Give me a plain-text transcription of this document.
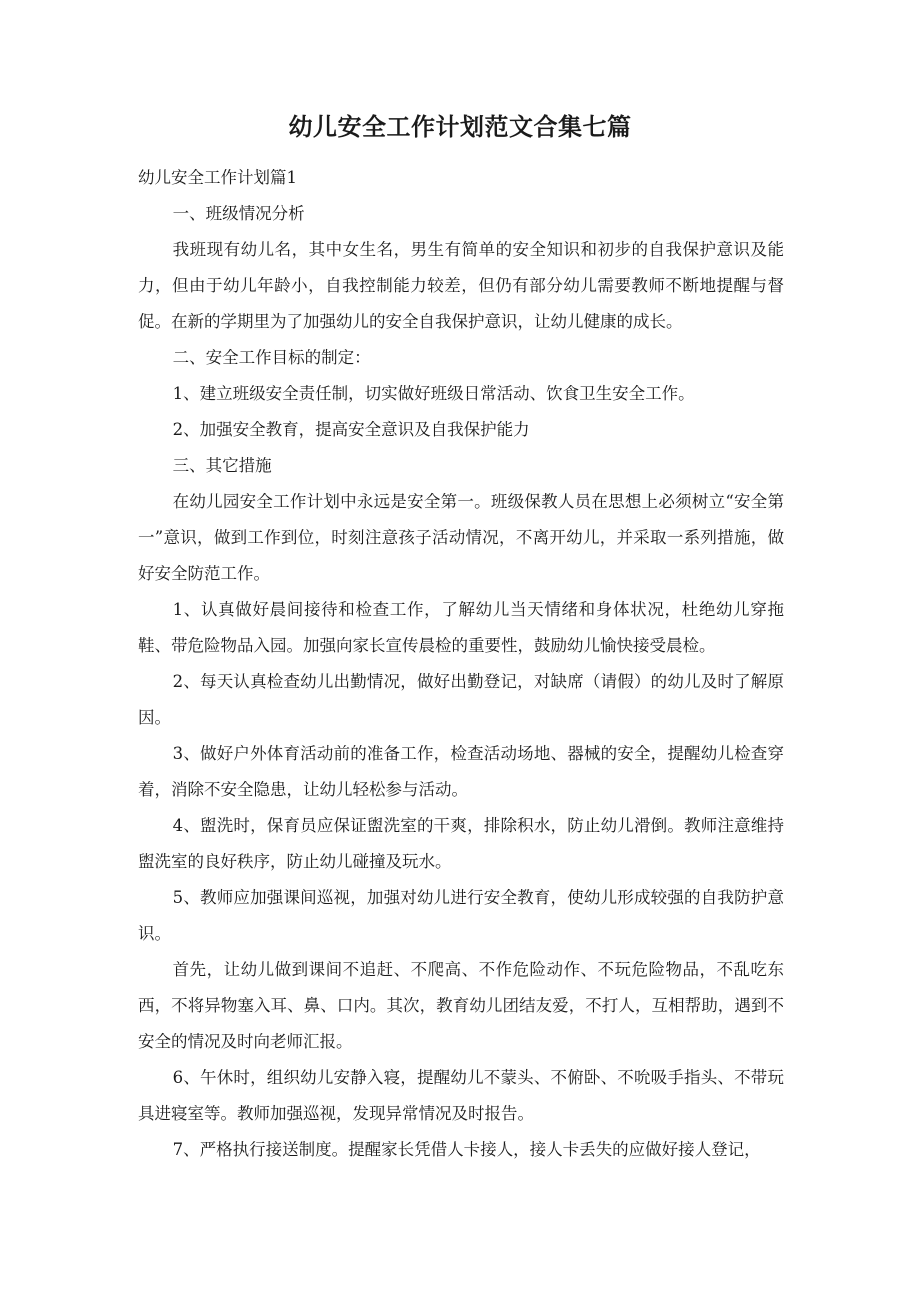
幼儿安全工作计划范文合集七篇

幼儿安全工作计划篇1

一、班级情况分析

我班现有幼儿名，其中女生名，男生有简单的安全知识和初步的自我保护意识及能力，但由于幼儿年龄小，自我控制能力较差，但仍有部分幼儿需要教师不断地提醒与督促。在新的学期里为了加强幼儿的安全自我保护意识，让幼儿健康的成长。

二、安全工作目标的制定：

1、建立班级安全责任制，切实做好班级日常活动、饮食卫生安全工作。

2、加强安全教育，提高安全意识及自我保护能力

三、其它措施

在幼儿园安全工作计划中永远是安全第一。班级保教人员在思想上必须树立“安全第一”意识，做到工作到位，时刻注意孩子活动情况，不离开幼儿，并采取一系列措施，做好安全防范工作。

1、认真做好晨间接待和检查工作，了解幼儿当天情绪和身体状况，杜绝幼儿穿拖鞋、带危险物品入园。加强向家长宣传晨检的重要性，鼓励幼儿愉快接受晨检。

2、每天认真检查幼儿出勤情况，做好出勤登记，对缺席（请假）的幼儿及时了解原因。

3、做好户外体育活动前的准备工作，检查活动场地、器械的安全，提醒幼儿检查穿着，消除不安全隐患，让幼儿轻松参与活动。

4、盥洗时，保育员应保证盥洗室的干爽，排除积水，防止幼儿滑倒。教师注意维持盥洗室的良好秩序，防止幼儿碰撞及玩水。

5、教师应加强课间巡视，加强对幼儿进行安全教育，使幼儿形成较强的自我防护意识。

首先，让幼儿做到课间不追赶、不爬高、不作危险动作、不玩危险物品，不乱吃东西，不将异物塞入耳、鼻、口内。其次，教育幼儿团结友爱，不打人，互相帮助，遇到不安全的情况及时向老师汇报。

6、午休时，组织幼儿安静入寝，提醒幼儿不蒙头、不俯卧、不吮吸手指头、不带玩具进寝室等。教师加强巡视，发现异常情况及时报告。

7、严格执行接送制度。提醒家长凭借人卡接人，接人卡丢失的应做好接人登记，
